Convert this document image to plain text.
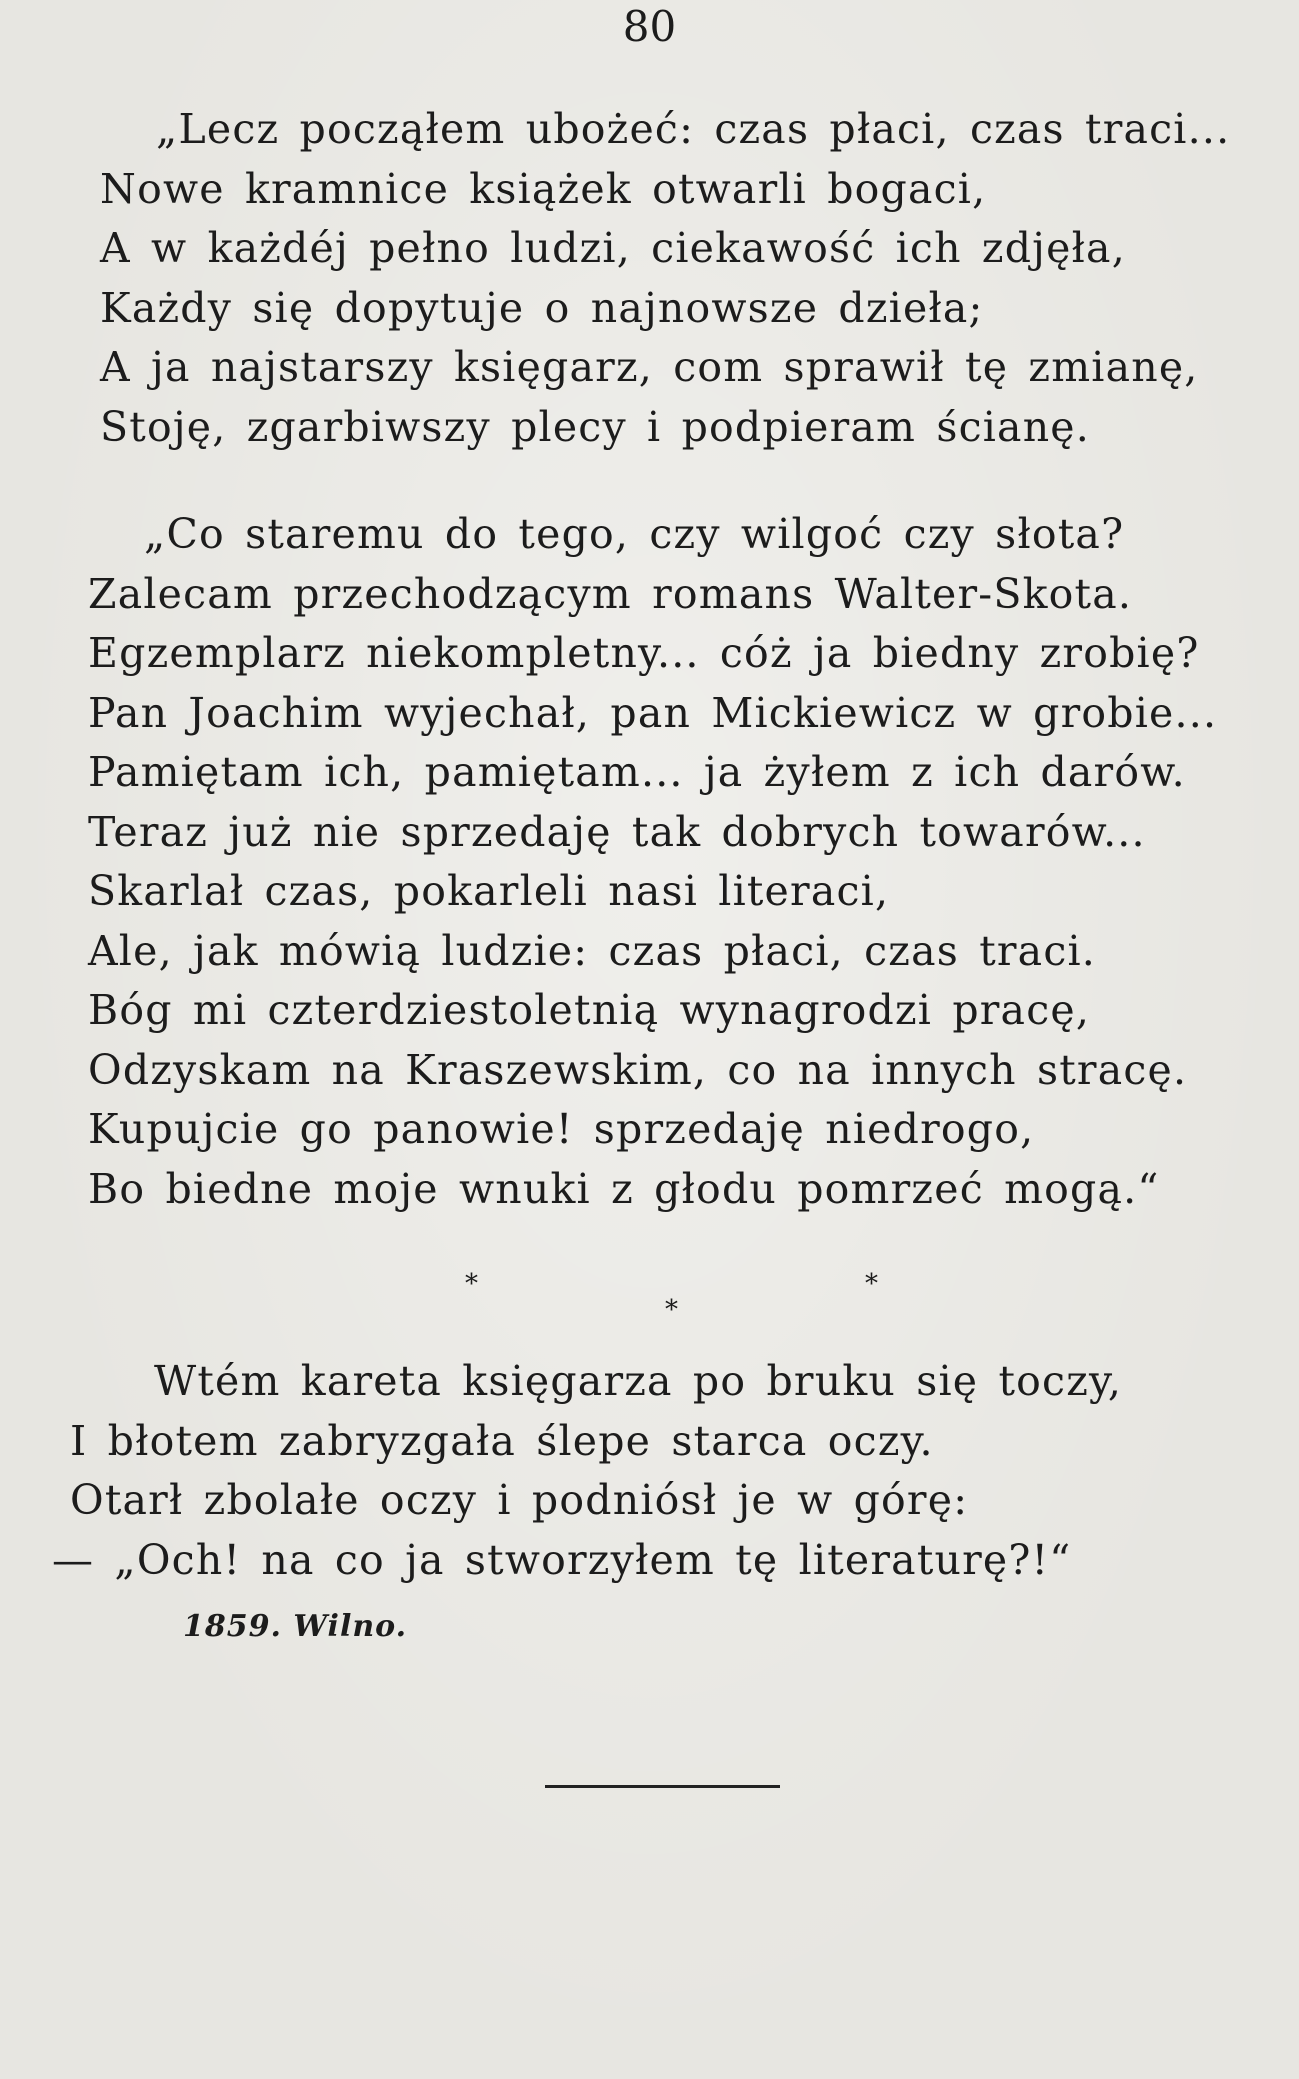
80
„Lecz począłem ubożeć: czas płaci, czas traci...
Nowe kramnice książek otwarli bogaci,
A w każdéj pełno ludzi, ciekawość ich zdjęła,
Każdy się dopytuje o najnowsze dzieła;
A ja najstarszy księgarz, com sprawił tę zmianę,
Stoję, zgarbiwszy plecy i podpieram ścianę.
„Co staremu do tego, czy wilgoć czy słota?
Zalecam przechodzącym romans Walter-Skota.
Egzemplarz niekompletny... cóż ja biedny zrobię?
Pan Joachim wyjechał, pan Mickiewicz w grobie...
Pamiętam ich, pamiętam... ja żyłem z ich darów.
Teraz już nie sprzedaję tak dobrych towarów...
Skarlał czas, pokarleli nasi literaci,
Ale, jak mówią ludzie: czas płaci, czas traci.
Bóg mi czterdziestoletnią wynagrodzi pracę,
Odzyskam na Kraszewskim, co na innych stracę.
Kupujcie go panowie! sprzedaję niedrogo,
Bo biedne moje wnuki z głodu pomrzeć mogą.“
*	*
*
Wtém kareta księgarza po bruku się toczy,
I błotem zabryzgała ślepe starca oczy.
Otarł zbolałe oczy i podniósł je w górę:
— „Och! na co ja stworzyłem tę literaturę?!“
1859. Wilno.
